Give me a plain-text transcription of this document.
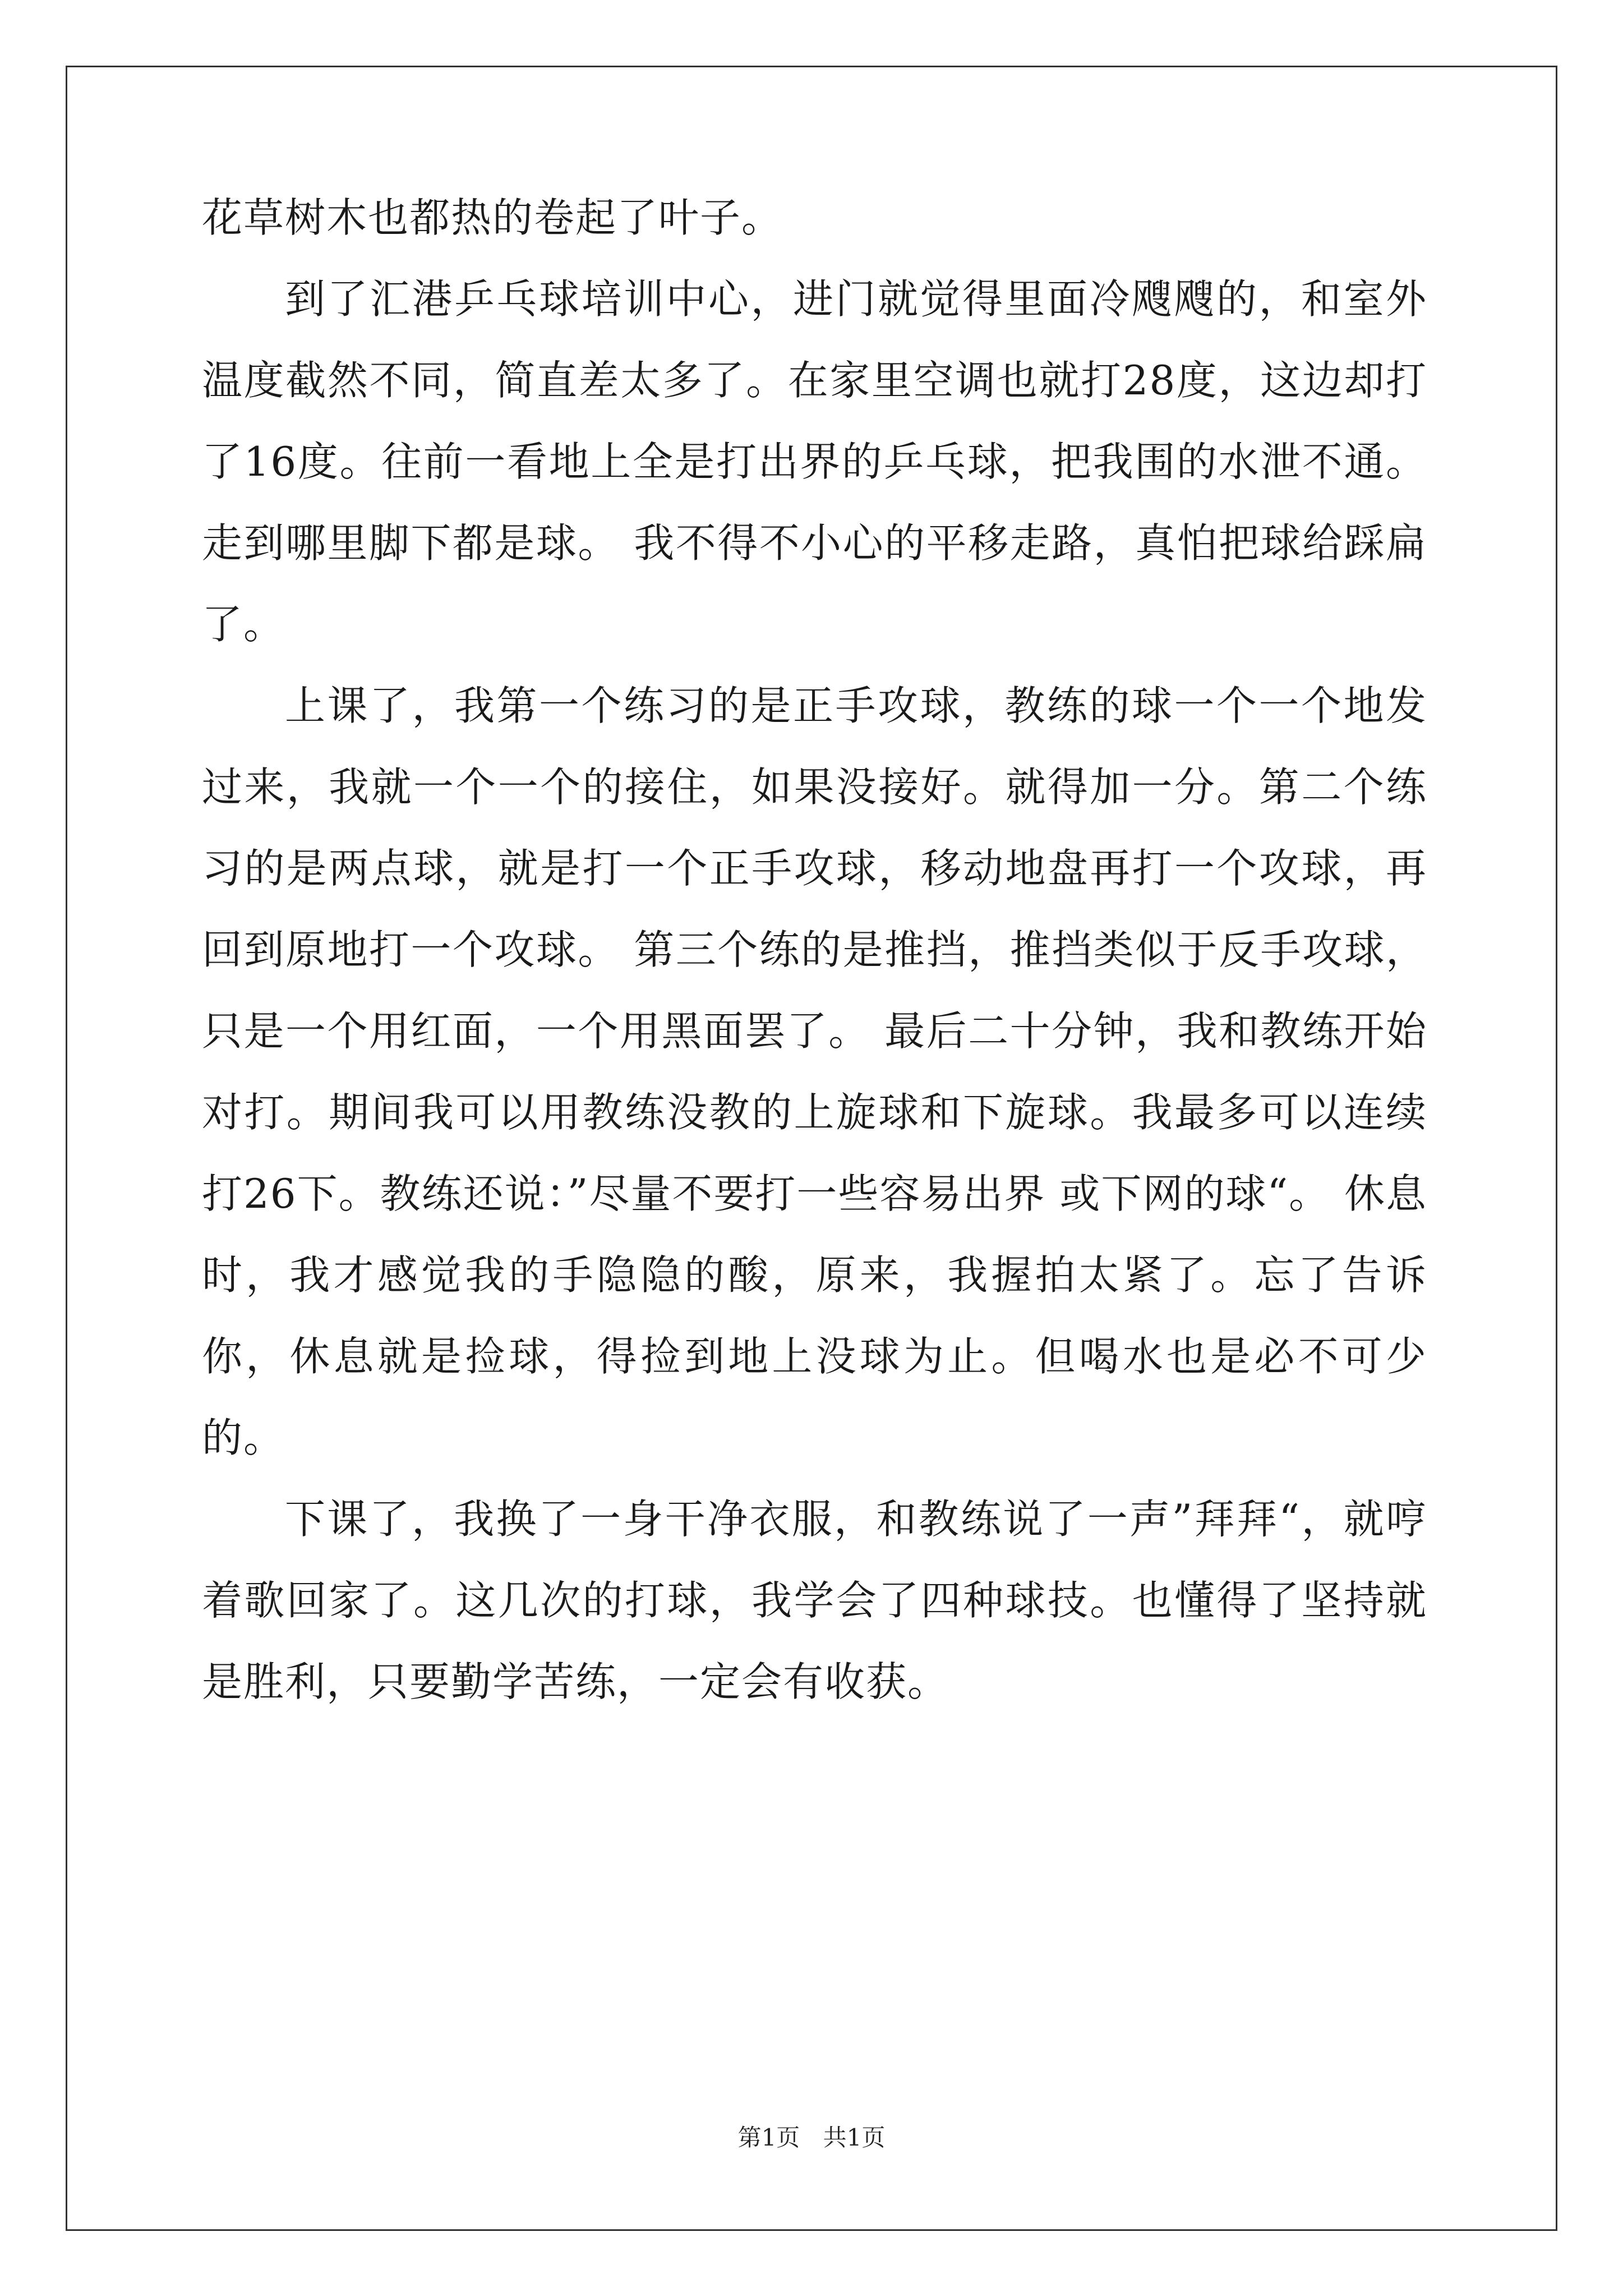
花草树木也都热的卷起了叶子。

到了汇港乒乓球培训中心，进门就觉得里面冷飕飕的，和室外温度截然不同，简直差太多了。在家里空调也就打28度，这边却打了16度。往前一看地上全是打出界的乒乓球，把我围的水泄不通。走到哪里脚下都是球。 我不得不小心的平移走路，真怕把球给踩扁了。

上课了，我第一个练习的是正手攻球，教练的球一个一个地发过来，我就一个一个的接住，如果没接好。就得加一分。第二个练习的是两点球，就是打一个正手攻球，移动地盘再打一个攻球，再回到原地打一个攻球。 第三个练的是推挡，推挡类似于反手攻球，只是一个用红面，一个用黑面罢了。 最后二十分钟，我和教练开始对打。期间我可以用教练没教的上旋球和下旋球。我最多可以连续打26下。教练还说：”尽量不要打一些容易出界 或下网的球“。 休息时，我才感觉我的手隐隐的酸，原来，我握拍太紧了。忘了告诉你，休息就是捡球，得捡到地上没球为止。但喝水也是必不可少的。

下课了，我换了一身干净衣服，和教练说了一声”拜拜“，就哼着歌回家了。这几次的打球，我学会了四种球技。也懂得了坚持就是胜利，只要勤学苦练，一定会有收获。

第1页 共1页
